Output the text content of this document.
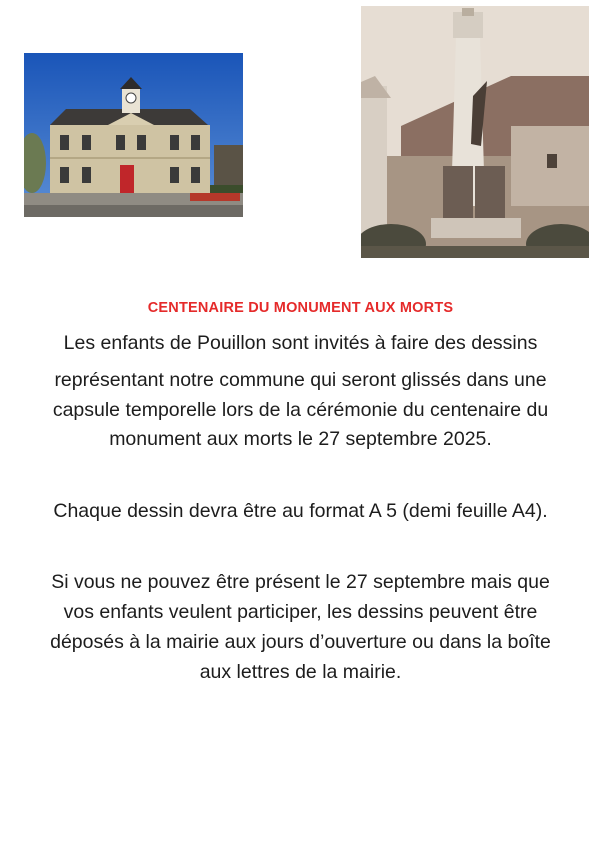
CENTENAIRE DU MONUMENT AUX MORTS
Les enfants de Pouillon sont invités à faire des dessins
représentant notre commune qui seront glissés dans une
capsule temporelle lors de la cérémonie du centenaire du
monument aux morts le 27 septembre 2025.
Chaque dessin devra être au format A 5 (demi feuille A4).
Si vous ne pouvez être présent le 27 septembre mais que
vos enfants veulent participer, les dessins peuvent être
déposés à la mairie aux jours d’ouverture ou dans la boîte
aux lettres de la mairie.
